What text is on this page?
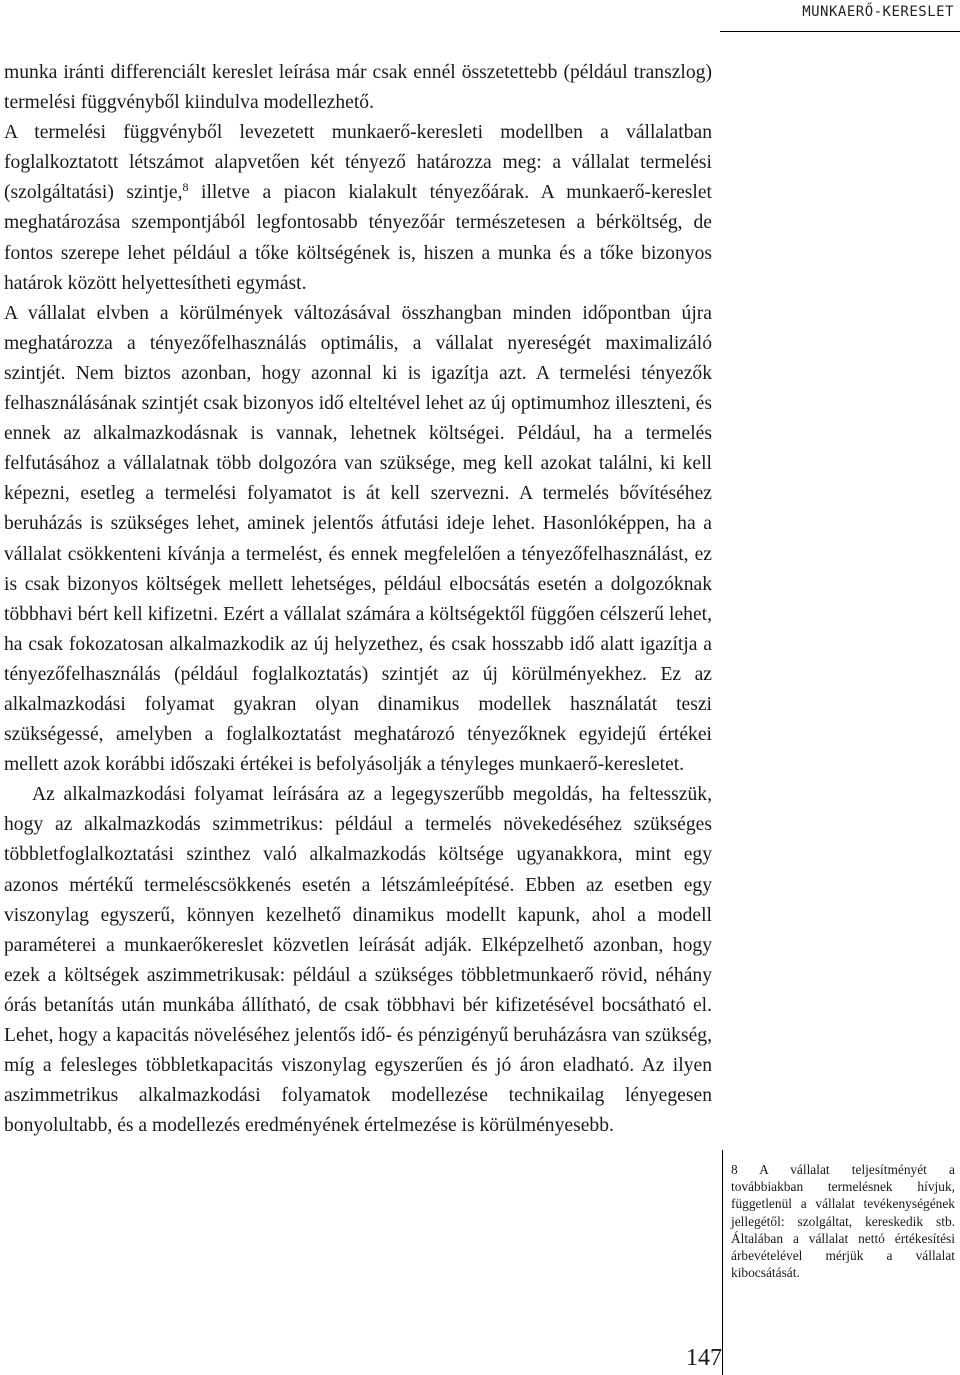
MUNKAERŐ-KERESLET

munka iránti differenciált kereslet leírása már csak ennél összetettebb (például transzlog) termelési függvényből kiindulva modellezhető.

A termelési függvényből levezetett munkaerő-keresleti modellben a vállalatban foglalkoztatott létszámot alapvetően két tényező határozza meg: a vállalat termelési (szolgáltatási) szintje,$^8$ illetve a piacon kialakult tényezőárak. A munkaerő-kereslet meghatározása szempontjából legfontosabb tényezőár természetesen a bérköltség, de fontos szerepe lehet például a tőke költségének is, hiszen a munka és a tőke bizonyos határok között helyettesítheti egymást.

A vállalat elvben a körülmények változásával összhangban minden időpontban újra meghatározza a tényezőfelhasználás optimális, a vállalat nyereségét maximalizáló szintjét. Nem biztos azonban, hogy azonnal ki is igazítja azt. A termelési tényezők felhasználásának szintjét csak bizonyos idő elteltével lehet az új optimumhoz illeszteni, és ennek az alkalmazkodásnak is vannak, lehetnek költségei. Például, ha a termelés felfutásához a vállalatnak több dolgozóra van szüksége, meg kell azokat találni, ki kell képezni, esetleg a termelési folyamatot is át kell szervezni. A termelés bővítéséhez beruházás is szükséges lehet, aminek jelentős átfutási ideje lehet. Hasonlóképpen, ha a vállalat csökkenteni kívánja a termelést, és ennek megfelelően a tényezőfelhasználást, ez is csak bizonyos költségek mellett lehetséges, például elbocsátás esetén a dolgozóknak többhavi bért kell kifizetni. Ezért a vállalat számára a költségektől függően célszerű lehet, ha csak fokozatosan alkalmazkodik az új helyzethez, és csak hosszabb idő alatt igazítja a tényezőfelhasználás (például foglalkoztatás) szintjét az új körülményekhez. Ez az alkalmazkodási folyamat gyakran olyan dinamikus modellek használatát teszi szükségessé, amelyben a foglalkoztatást meghatározó tényezőknek egyidejű értékei mellett azok korábbi időszaki értékei is befolyásolják a tényleges munkaerő-keresletet.

Az alkalmazkodási folyamat leírására az a legegyszerűbb megoldás, ha feltesszük, hogy az alkalmazkodás szimmetrikus: például a termelés növekedéséhez szükséges többletfoglalkoztatási szinthez való alkalmazkodás költsége ugyanakkora, mint egy azonos mértékű termeléscsökkenés esetén a létszámleépítésé. Ebben az esetben egy viszonylag egyszerű, könnyen kezelhető dinamikus modellt kapunk, ahol a modell paraméterei a munkaerőkereslet közvetlen leírását adják. Elképzelhető azonban, hogy ezek a költségek aszimmetrikusak: például a szükséges többletmunkaerő rövid, néhány órás betanítás után munkába állítható, de csak többhavi bér kifizetésével bocsátható el. Lehet, hogy a kapacitás növeléséhez jelentős idő- és pénzigényű beruházásra van szükség, míg a felesleges többletkapacitás viszonylag egyszerűen és jó áron eladható. Az ilyen aszimmetrikus alkalmazkodási folyamatok modellezése technikailag lényegesen bonyolultabb, és a modellezés eredményének értelmezése is körülményesebb.

8 A vállalat teljesítményét a továbbiakban termelésnek hívjuk, függetlenül a vállalat tevékenységének jellegétől: szolgáltat, kereskedik stb. Általában a vállalat nettó értékesítési árbevételével mérjük a vállalat kibocsátását.
147
